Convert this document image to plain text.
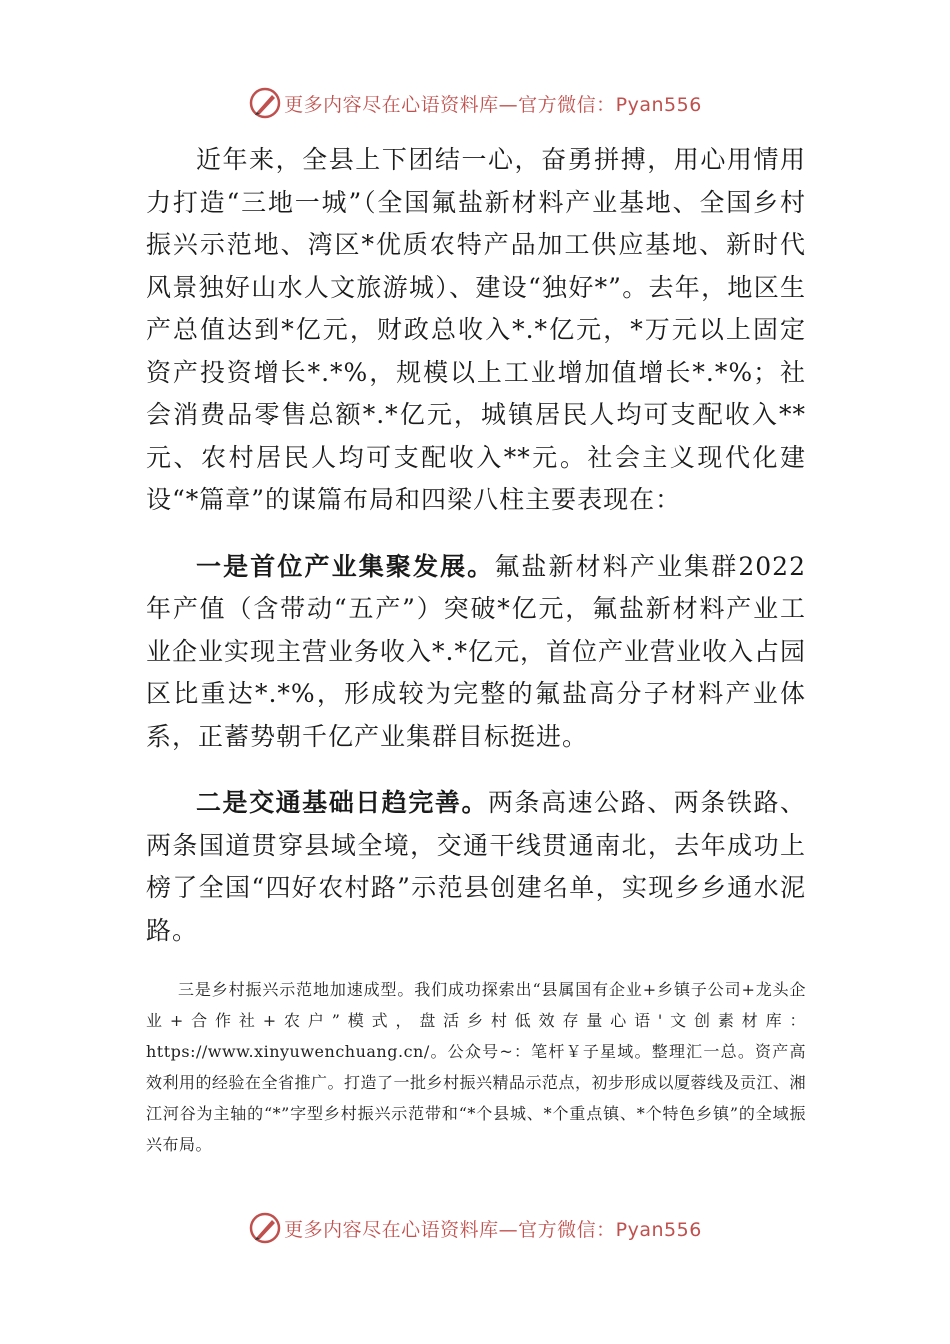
更多内容尽在心语资料库—官方微信：Pyan556

近年来，全县上下团结一心，奋勇拼搏，用心用情用力打造“三地一城”（全国氟盐新材料产业基地、全国乡村振兴示范地、湾区*优质农特产品加工供应基地、新时代风景独好山水人文旅游城）、建设“独好*”。去年，地区生产总值达到*亿元，财政总收入*.*亿元，*万元以上固定资产投资增长*.*%，规模以上工业增加值增长*.*%；社会消费品零售总额*.*亿元，城镇居民人均可支配收入**元、农村居民人均可支配收入**元。社会主义现代化建设“*篇章”的谋篇布局和四梁八柱主要表现在：

一是首位产业集聚发展。氟盐新材料产业集群2022年产值（含带动“五产”）突破*亿元，氟盐新材料产业工业企业实现主营业务收入*.*亿元，首位产业营业收入占园区比重达*.*%，形成较为完整的氟盐高分子材料产业体系，正蓄势朝千亿产业集群目标挺进。

二是交通基础日趋完善。两条高速公路、两条铁路、两条国道贯穿县域全境，交通干线贯通南北，去年成功上榜了全国“四好农村路”示范县创建名单，实现乡乡通水泥路。

三是乡村振兴示范地加速成型。我们成功探索出“县属国有企业+乡镇子公司+龙头企业+合作社+农户”模式，盘活乡村低效存量心语'文创素材库：https://www.xinyuwenchuang.cn/。公众号~：笔杆￥子星域。整理汇一总。资产高效利用的经验在全省推广。打造了一批乡村振兴精品示范点，初步形成以厦蓉线及贡江、湘江河谷为主轴的“*”字型乡村振兴示范带和“*个县城、*个重点镇、*个特色乡镇”的全域振兴布局。

更多内容尽在心语资料库—官方微信：Pyan556
